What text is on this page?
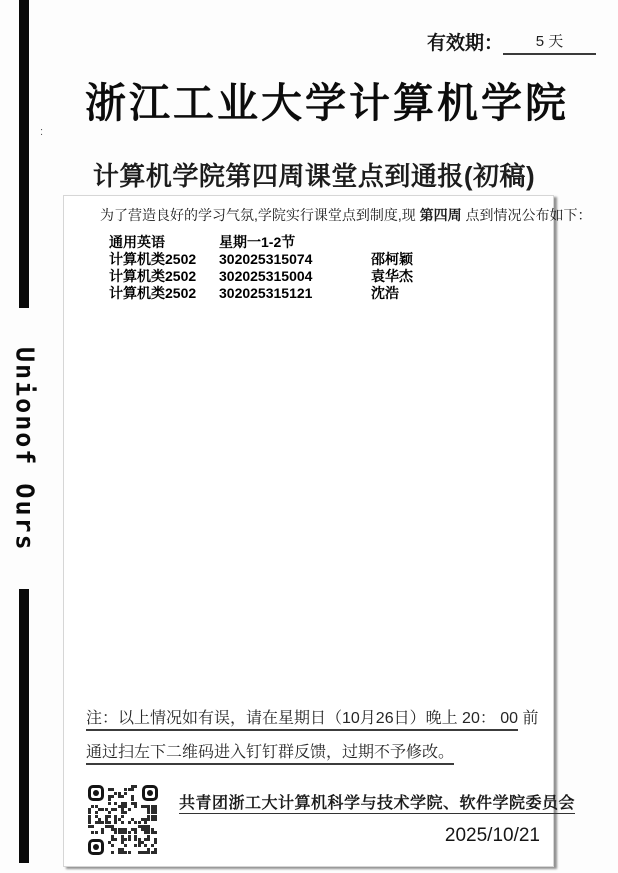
Unionof Ours
:
有效期： 5 天
浙江工业大学计算机学院
计算机学院第四周课堂点到通报(初稿)
为了营造良好的学习气氛,学院实行课堂点到制度,现 第四周 点到情况公布如下：
通用英语	星期一1-2节
计算机类2502	302025315074	邵柯颖
计算机类2502	302025315004	袁华杰
计算机类2502	302025315121	沈浩
注：以上情况如有误，请在星期日（10月26日）晚上 20： 00 前
通过扫左下二维码进入钉钉群反馈，过期不予修改。
共青团浙工大计算机科学与技术学院、软件学院委员会
2025/10/21
